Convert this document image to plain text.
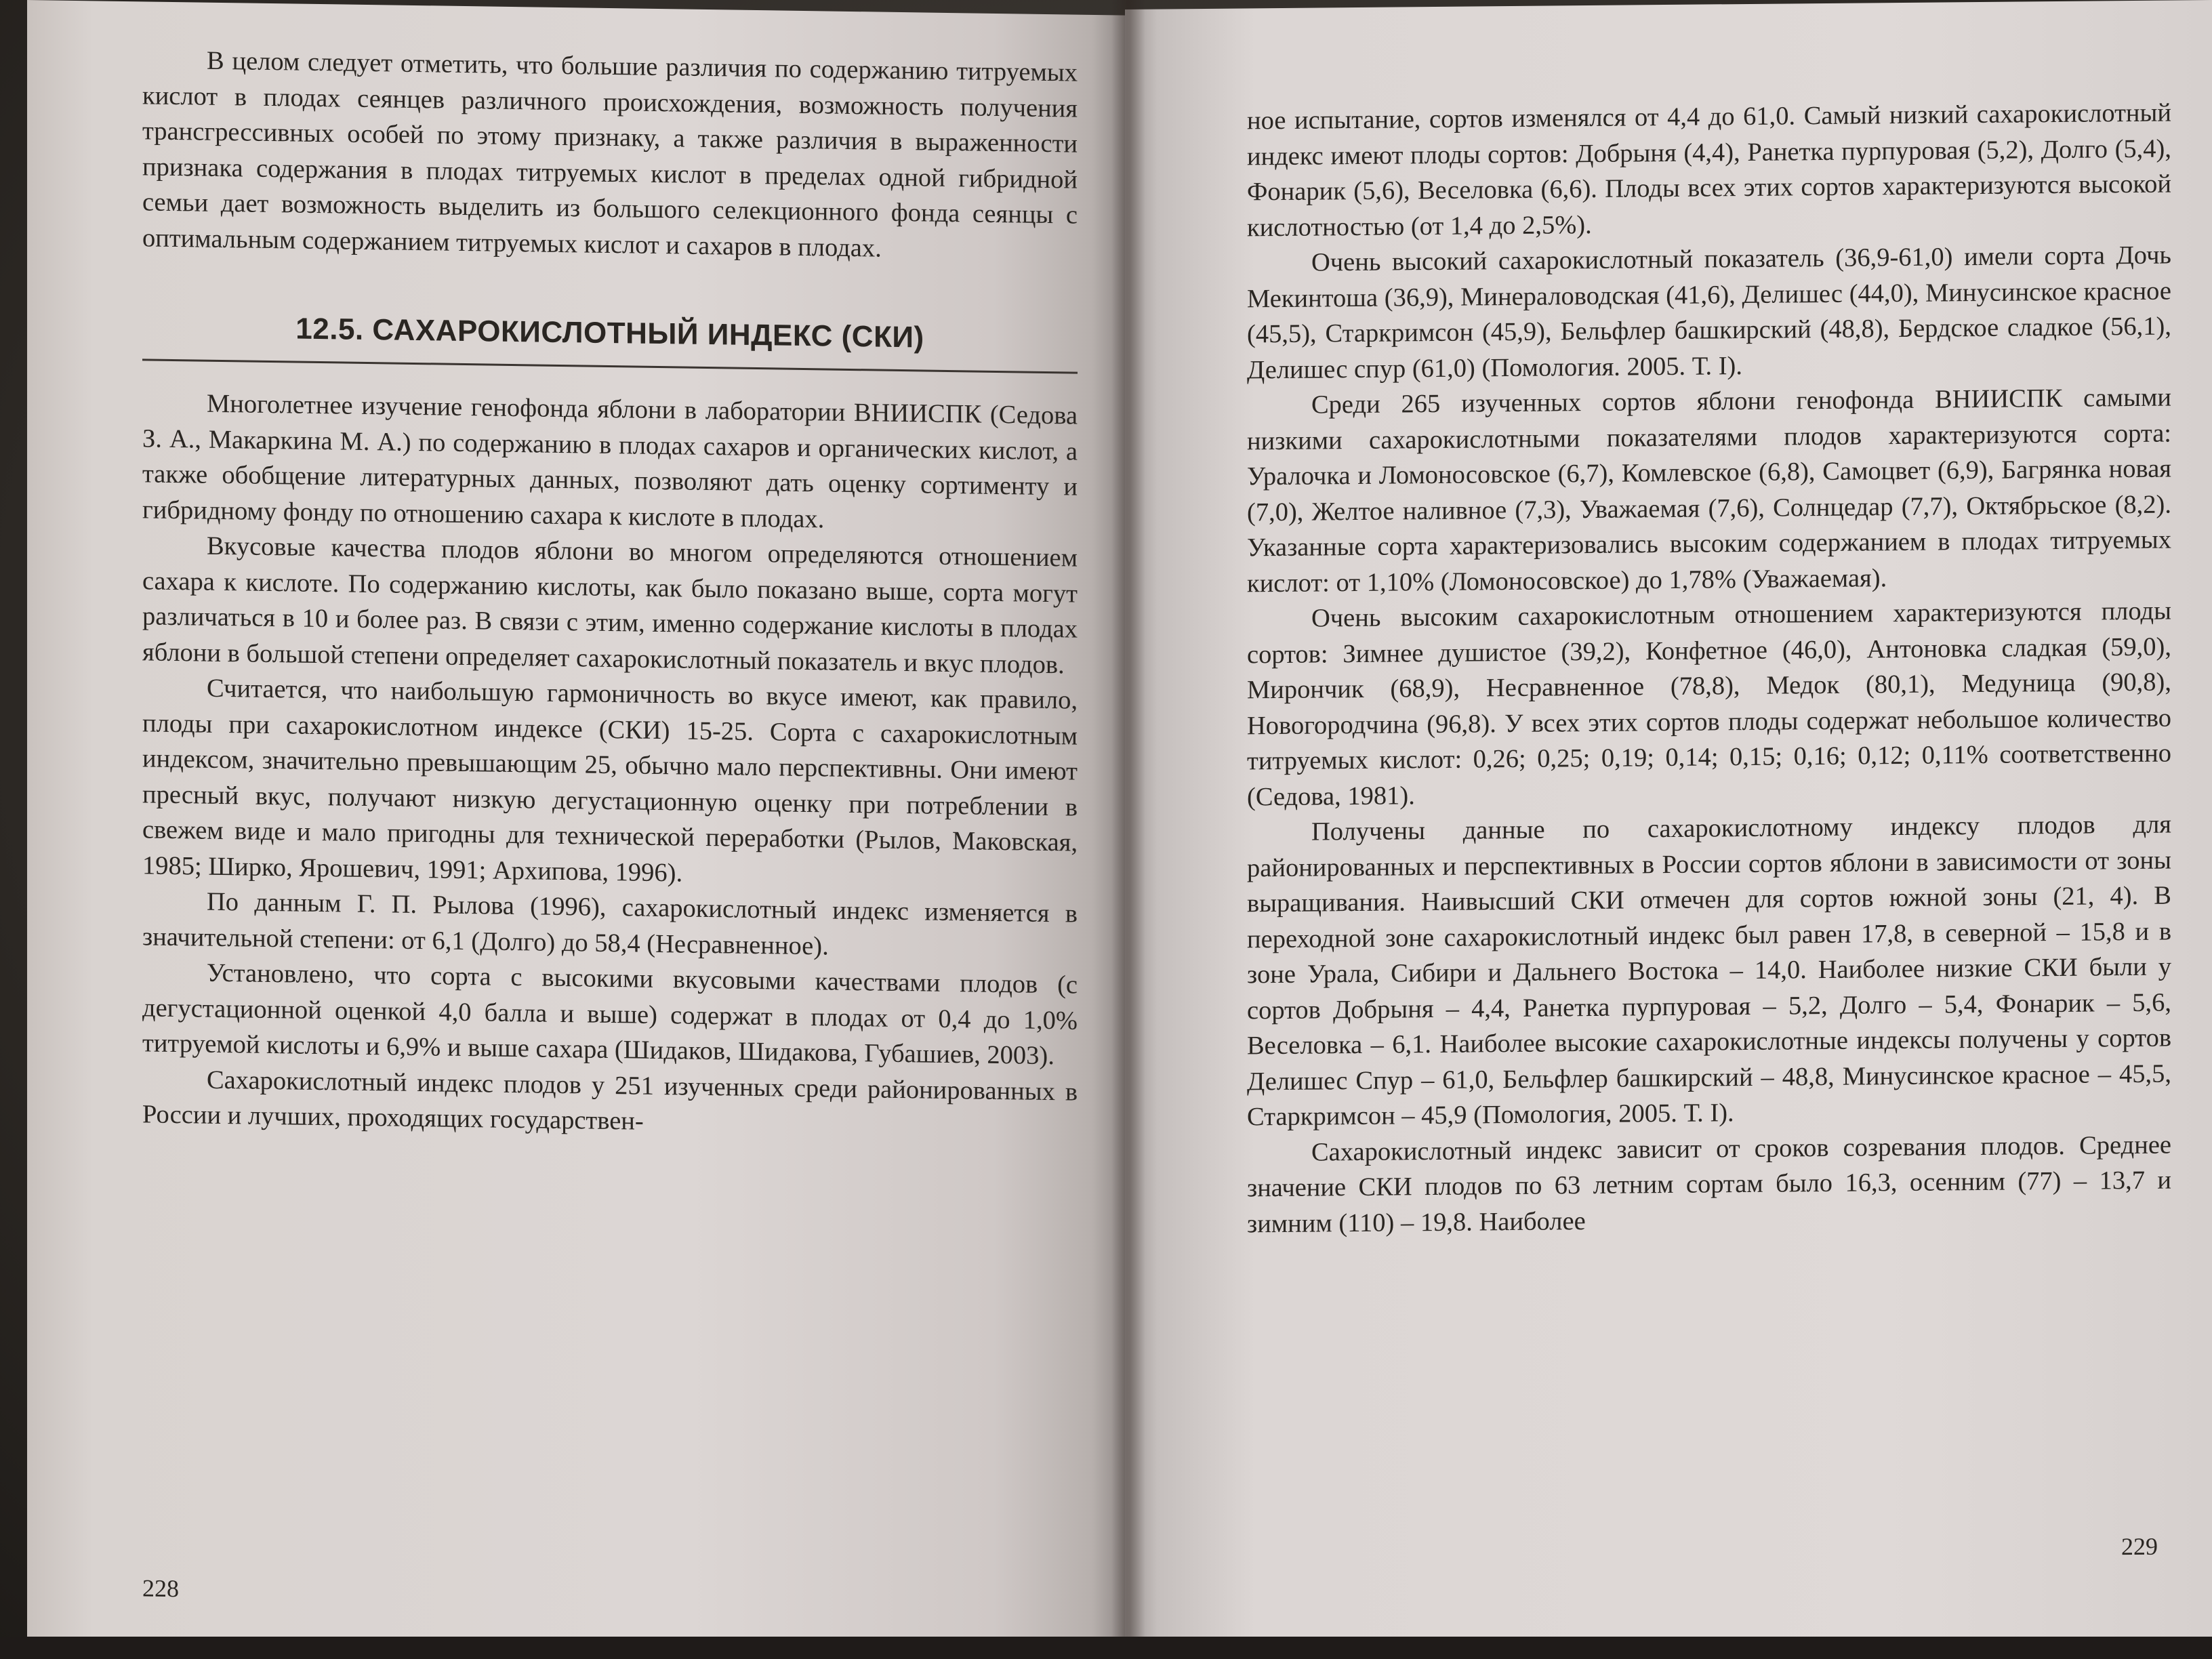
В целом следует отметить, что большие различия по содержанию титруемых кислот в плодах сеянцев различного происхождения, возможность получения трансгрессивных особей по этому признаку, а также различия в выраженности признака содержания в плодах титруемых кислот в пределах одной гибридной семьи дает возможность выделить из большого селекционного фонда сеянцы с оптимальным содержанием титруемых кислот и сахаров в плодах.

12.5. САХАРОКИСЛОТНЫЙ ИНДЕКС (СКИ)

Многолетнее изучение генофонда яблони в лаборатории ВНИИСПК (Седова З. А., Макаркина М. А.) по содержанию в плодах сахаров и органических кислот, а также обобщение литературных данных, позволяют дать оценку сортименту и гибридному фонду по отношению сахара к кислоте в плодах.

Вкусовые качества плодов яблони во многом определяются отношением сахара к кислоте. По содержанию кислоты, как было показано выше, сорта могут различаться в 10 и более раз. В связи с этим, именно содержание кислоты в плодах яблони в большой степени определяет сахарокислотный показатель и вкус плодов.

Считается, что наибольшую гармоничность во вкусе имеют, как правило, плоды при сахарокислотном индексе (СКИ) 15-25. Сорта с сахарокислотным индексом, значительно превышающим 25, обычно мало перспективны. Они имеют пресный вкус, получают низкую дегустационную оценку при потреблении в свежем виде и мало пригодны для технической переработки (Рылов, Маковская, 1985; Ширко, Ярошевич, 1991; Архипова, 1996).

По данным Г. П. Рылова (1996), сахарокислотный индекс изменяется в значительной степени: от 6,1 (Долго) до 58,4 (Несравненное).

Установлено, что сорта с высокими вкусовыми качествами плодов (с дегустационной оценкой 4,0 балла и выше) содержат в плодах от 0,4 до 1,0% титруемой кислоты и 6,9% и выше сахара (Шидаков, Шидакова, Губашиев, 2003).

Сахарокислотный индекс плодов у 251 изученных среди районированных в России и лучших, проходящих государствен-

228

ное испытание, сортов изменялся от 4,4 до 61,0. Самый низкий сахарокислотный индекс имеют плоды сортов: Добрыня (4,4), Ранетка пурпуровая (5,2), Долго (5,4), Фонарик (5,6), Веселовка (6,6). Плоды всех этих сортов характеризуются высокой кислотностью (от 1,4 до 2,5%).

Очень высокий сахарокислотный показатель (36,9-61,0) имели сорта Дочь Мекинтоша (36,9), Минераловодская (41,6), Делишес (44,0), Минусинское красное (45,5), Старкримсон (45,9), Бельфлер башкирский (48,8), Бердское сладкое (56,1), Делишес спур (61,0) (Помология. 2005. Т. I).

Среди 265 изученных сортов яблони генофонда ВНИИСПК самыми низкими сахарокислотными показателями плодов характеризуются сорта: Уралочка и Ломоносовское (6,7), Комлевское (6,8), Самоцвет (6,9), Багрянка новая (7,0), Желтое наливное (7,3), Уважаемая (7,6), Солнцедар (7,7), Октябрьское (8,2). Указанные сорта характеризовались высоким содержанием в плодах титруемых кислот: от 1,10% (Ломоносовское) до 1,78% (Уважаемая).

Очень высоким сахарокислотным отношением характеризуются плоды сортов: Зимнее душистое (39,2), Конфетное (46,0), Антоновка сладкая (59,0), Мирончик (68,9), Несравненное (78,8), Медок (80,1), Медуница (90,8), Новогородчина (96,8). У всех этих сортов плоды содержат небольшое количество титруемых кислот: 0,26; 0,25; 0,19; 0,14; 0,15; 0,16; 0,12; 0,11% соответственно (Седова, 1981).

Получены данные по сахарокислотному индексу плодов для районированных и перспективных в России сортов яблони в зависимости от зоны выращивания. Наивысший СКИ отмечен для сортов южной зоны (21, 4). В переходной зоне сахарокислотный индекс был равен 17,8, в северной – 15,8 и в зоне Урала, Сибири и Дальнего Востока – 14,0. Наиболее низкие СКИ были у сортов Добрыня – 4,4, Ранетка пурпуровая – 5,2, Долго – 5,4, Фонарик – 5,6, Веселовка – 6,1. Наиболее высокие сахарокислотные индексы получены у сортов Делишес Спур – 61,0, Бельфлер башкирский – 48,8, Минусинское красное – 45,5, Старкримсон – 45,9 (Помология, 2005. Т. I).

Сахарокислотный индекс зависит от сроков созревания плодов. Среднее значение СКИ плодов по 63 летним сортам было 16,3, осенним (77) – 13,7 и зимним (110) – 19,8. Наиболее

229
